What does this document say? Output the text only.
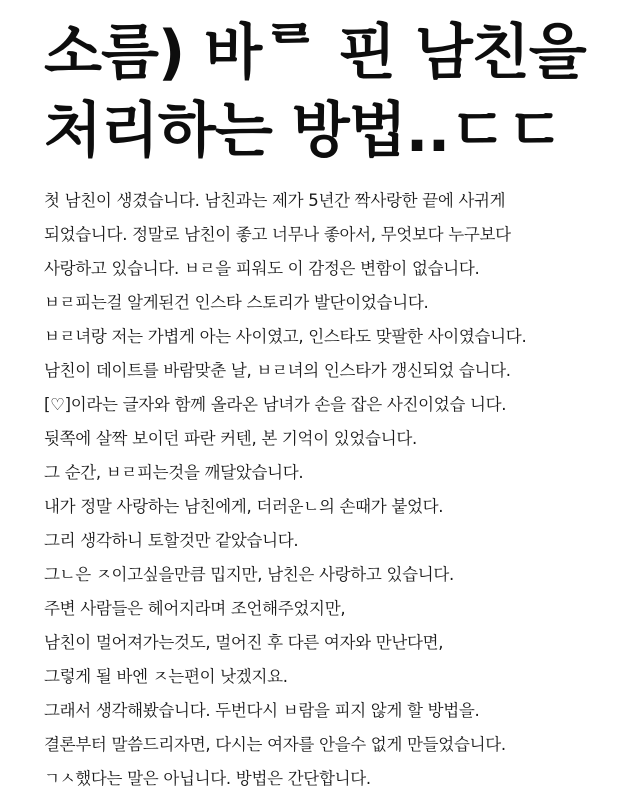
소름) 바ᄅ 핀 남친을
처리하는 방법..ㄷㄷ
첫 남친이 생겼습니다. 남친과는 제가 5년간 짝사랑한 끝에 사귀게
되었습니다. 정말로 남친이 좋고 너무나 좋아서, 무엇보다 누구보다
사랑하고 있습니다. ㅂㄹ을 피워도 이 감정은 변함이 없습니다.
ㅂㄹ피는걸 알게된건 인스타 스토리가 발단이었습니다.
ㅂㄹ녀랑 저는 가볍게 아는 사이였고, 인스타도 맞팔한 사이였습니다.
남친이 데이트를 바람맞춘 날, ㅂㄹ녀의 인스타가 갱신되었 습니다.
[♡]이라는 글자와 함께 올라온 남녀가 손을 잡은 사진이었습 니다.
뒷쪽에 살짝 보이던 파란 커텐, 본 기억이 있었습니다.
그 순간, ㅂㄹ피는것을 깨달았습니다.
내가 정말 사랑하는 남친에게, 더러운ㄴ의 손때가 붙었다.
그리 생각하니 토할것만 같았습니다.
그ㄴ은 ㅈ이고싶을만큼 밉지만, 남친은 사랑하고 있습니다.
주변 사람들은 헤어지라며 조언해주었지만,
남친이 멀어져가는것도, 멀어진 후 다른 여자와 만난다면,
그렇게 될 바엔 ㅈ는편이 낫겠지요.
그래서 생각해봤습니다. 두번다시 ㅂ람을 피지 않게 할 방법을.
결론부터 말씀드리자면, 다시는 여자를 안을수 없게 만들었습니다.
ㄱㅅ했다는 말은 아닙니다. 방법은 간단합니다.
